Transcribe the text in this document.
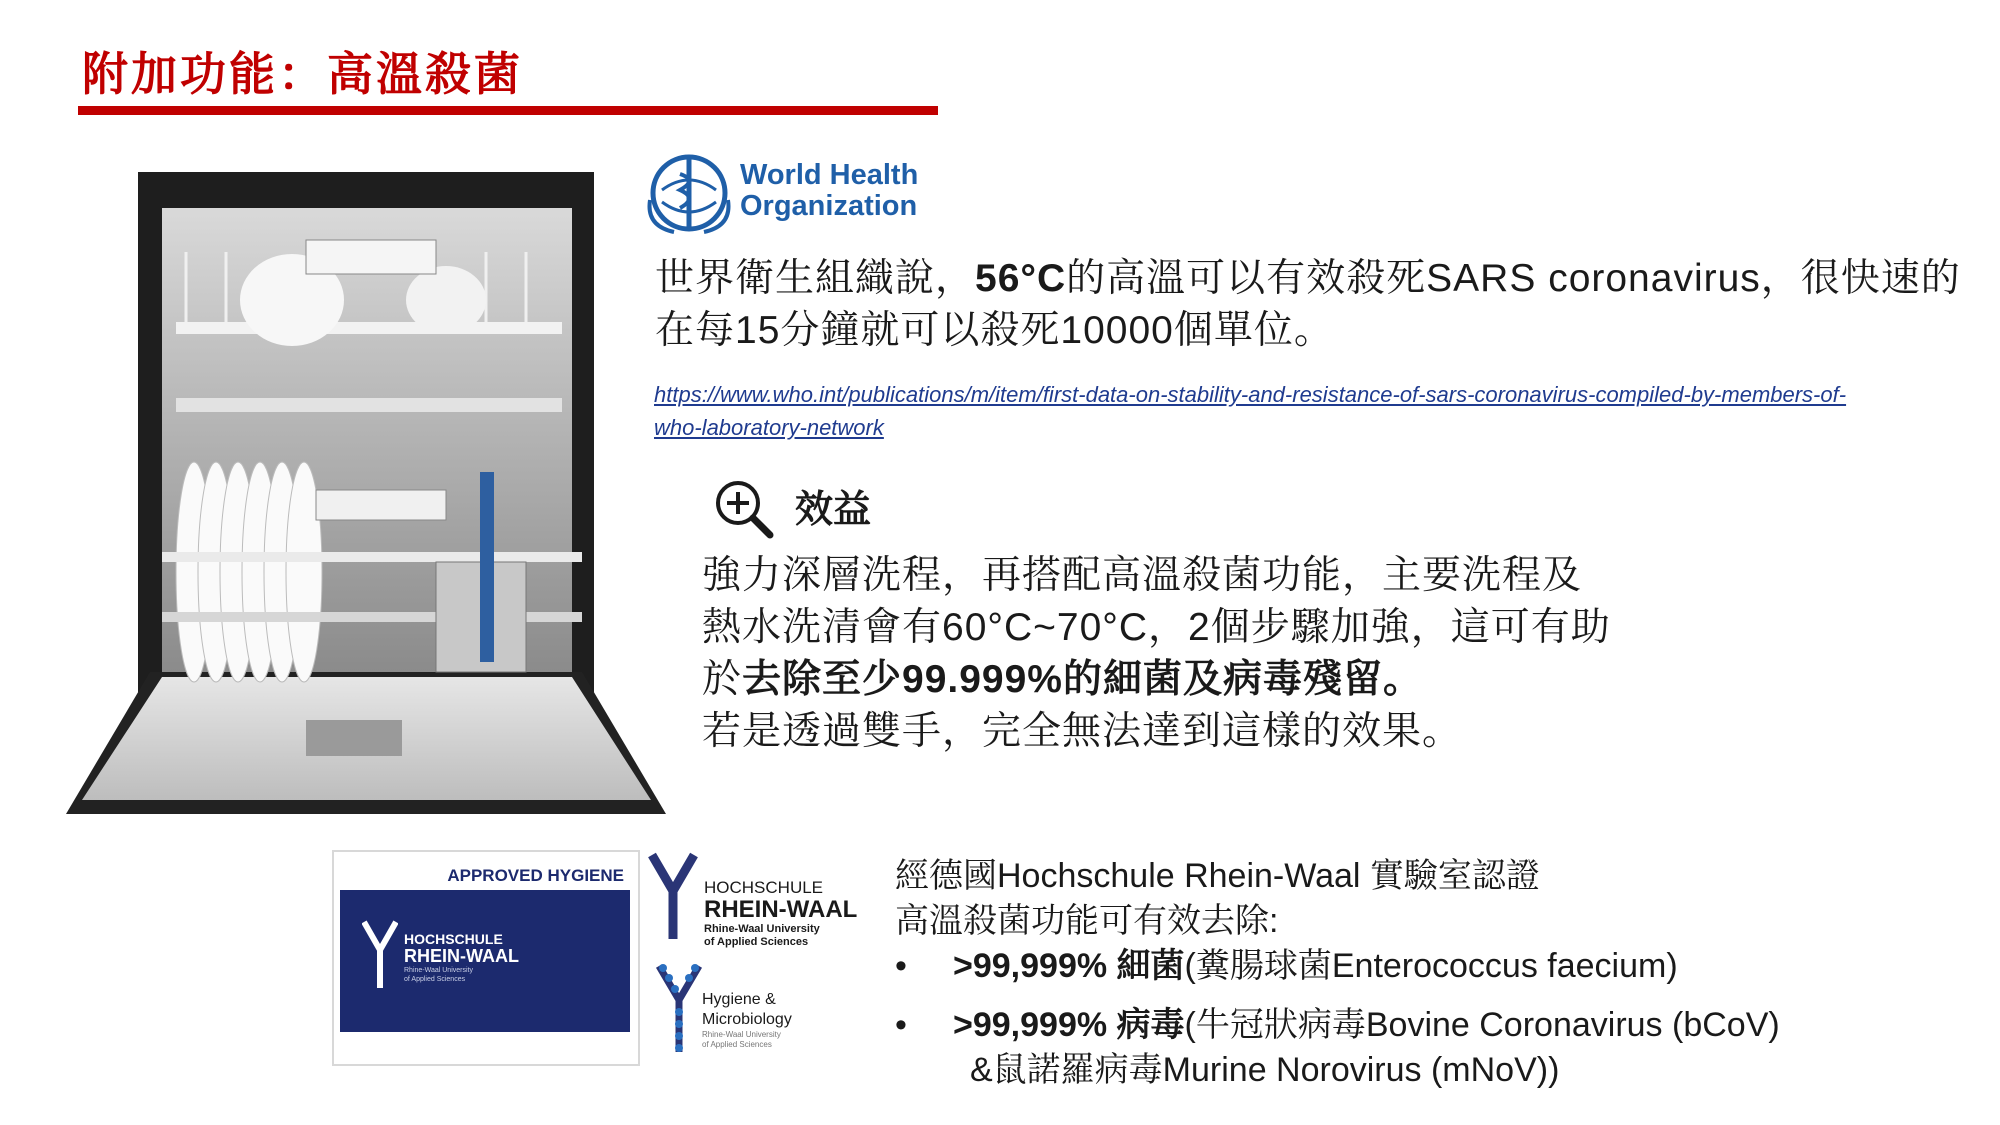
附加功能：高溫殺菌
World Health
Organization
世界衛生組織說，56°C的高溫可以有效殺死SARS coronavirus，很快速的
在每15分鐘就可以殺死10000個單位。
https://www.who.int/publications/m/item/first-data-on-stability-and-resistance-of-sars-coronavirus-compiled-by-members-of-
who-laboratory-network
效益
強力深層洗程，再搭配高溫殺菌功能，主要洗程及
熱水洗清會有60°C~70°C，2個步驟加強，這可有助
於去除至少99.999%的細菌及病毒殘留。
若是透過雙手，完全無法達到這樣的效果。
APPROVED HYGIENE
HOCHSCHULE
RHEIN-WAAL
Rhine-Waal University
of Applied Sciences
HOCHSCHULE
RHEIN-WAAL
Rhine-Waal University
of Applied Sciences
Hygiene &
Microbiology
Rhine-Waal University
of Applied Sciences
經德國Hochschule Rhein-Waal 實驗室認證
高溫殺菌功能可有效去除:
• >99,999% 細菌(糞腸球菌Enterococcus faecium)
• >99,999% 病毒(牛冠狀病毒Bovine Coronavirus (bCoV)
&鼠諾羅病毒Murine Norovirus (mNoV))
